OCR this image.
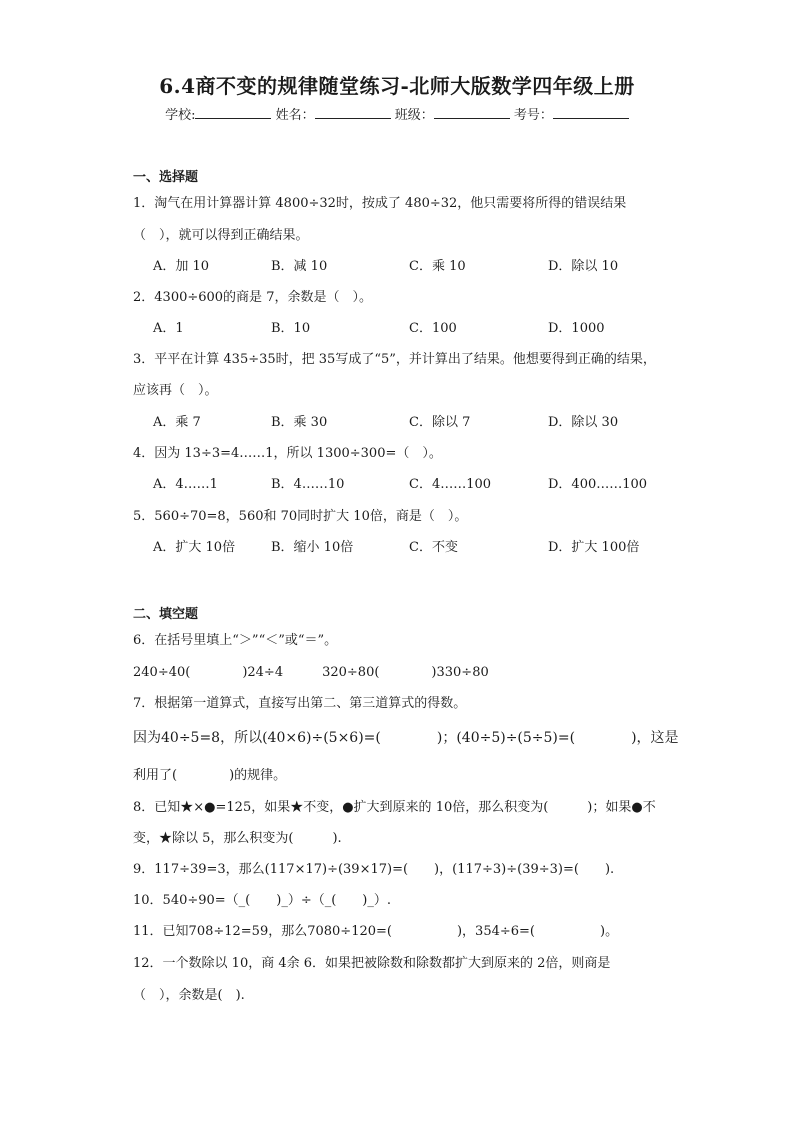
6.4商不变的规律随堂练习-北师大版数学四年级上册
学校:	姓名：	班级：	考号：
一、选择题
1．淘气在用计算器计算 4800÷32时，按成了 480÷32，他只需要将所得的错误结果
（　），就可以得到正确结果。
A．加 10	B．减 10	C．乘 10	D．除以 10
2．4300÷600的商是 7，余数是（　）。
A．1	B．10	C．100	D．1000
3．平平在计算 435÷35时，把 35写成了“5”，并计算出了结果。他想要得到正确的结果，
应该再（　）。
A．乘 7	B．乘 30	C．除以 7	D．除以 30
4．因为 13÷3=4……1，所以 1300÷300=（　）。
A．4……1	B．4……10	C．4……100	D．400……100
5．560÷70=8，560和 70同时扩大 10倍，商是（　）。
A．扩大 10倍	B．缩小 10倍	C．不变	D．扩大 100倍
二、填空题
6．在括号里填上“＞”“＜”或“＝”。
240÷40(　　　　)24÷4　　　320÷80(　　　　)330÷80
7．根据第一道算式，直接写出第二、第三道算式的得数。
因为40÷5=8，所以(40×6)÷(5×6)=(　　　　)；(40÷5)÷(5÷5)=(　　　　)，这是
利用了(　　　　)的规律。
8．已知★×●=125，如果★不变，●扩大到原来的 10倍，那么积变为(　　　)；如果●不
变，★除以 5，那么积变为(　　　).
9．117÷39=3，那么(117×17)÷(39×17)=(　　)，(117÷3)÷(39÷3)=(　　).
10．540÷90=（_(　　)_）÷（_(　　)_）.
11．已知708÷12=59，那么7080÷120=(　　　　　)，354÷6=(　　　　　)。
12．一个数除以 10，商 4余 6．如果把被除数和除数都扩大到原来的 2倍，则商是
（　），余数是(　).
